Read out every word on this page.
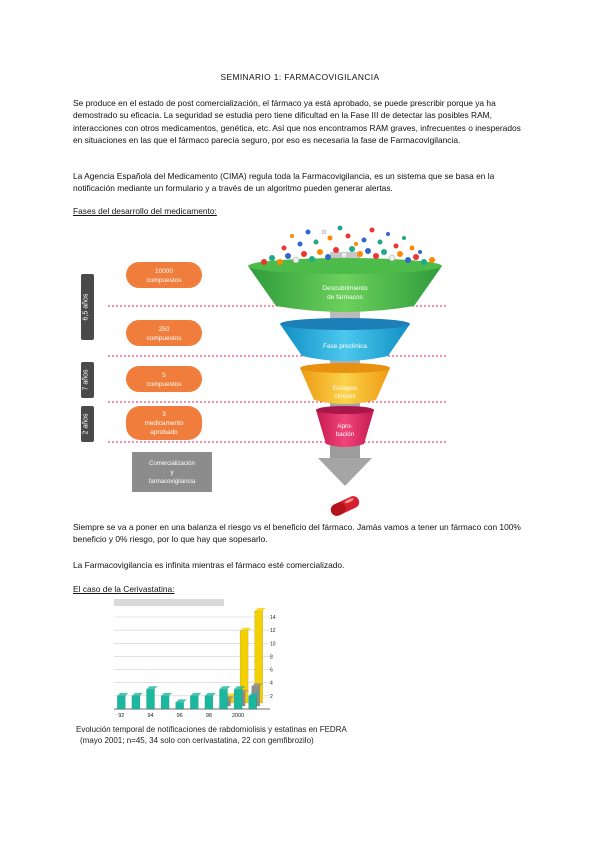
SEMINARIO 1: FARMACOVIGILANCIA
Se produce en el estado de post comercialización, el fármaco ya está aprobado, se puede prescribir porque ya ha demostrado su eficacia. La seguridad se estudia pero tiene dificultad en la Fase III de detectar las posibles RAM, interacciones con otros medicamentos, genética, etc. Así que nos encontramos RAM graves, infrecuentes o inesperados en situaciones en las que el fármaco parecía seguro, por eso es necesaria la fase de Farmacovigilancia.
La Agencia Española del Medicamento (CIMA) regula toda la Farmacovigilancia, es un sistema que se basa en la notificación mediante un formulario y a través de un algoritmo pueden generar alertas.
Fases del desarrollo del medicamento:
6,5 años
7 años
2 años
10000
compuestos
250
compuestos
5
compuestos
3
medicamento
aprobado
Comercialización
y
farmacovigilancia
Descubrimiento
de fármacos
Fase preclínica
Ensayos
clínicos
Apro-
bación
Siempre se va a poner en una balanza el riesgo vs el beneficio del fármaco. Jamás vamos a tener un fármaco con 100% beneficio y 0% riesgo, por lo que hay que sopesarlo.
La Farmacovigilancia es infinita mientras el fármaco esté comercializado.
El caso de la Cerivastatina:
2
4
6
8
10
12
14
92	94	96	98	2000
Evolución temporal de notificaciones de rabdomiolisis y estatinas en FEDRA
(mayo 2001; n=45, 34 solo con cerivastatina, 22 con gemfibrozilo)
